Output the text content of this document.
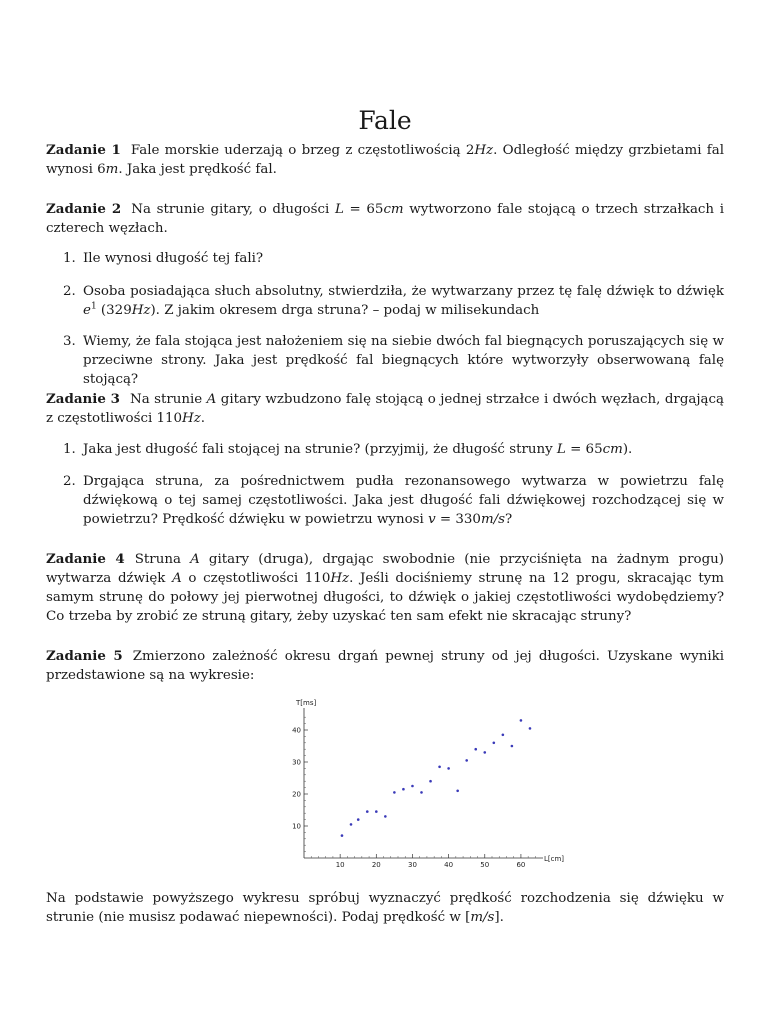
Fale
Zadanie 1 Fale morskie uderzają o brzeg z częstotliwością 2Hz. Odległość między grzbietami fal wynosi 6m. Jaka jest prędkość fal.
Zadanie 2 Na strunie gitary, o długości L = 65cm wytworzono fale stojącą o trzech strzałkach i czterech węzłach.
1. Ile wynosi długość tej fali?
2. Osoba posiadająca słuch absolutny, stwierdziła, że wytwarzany przez tę falę dźwięk to dźwięk $e^1$ (329Hz). Z jakim okresem drga struna? – podaj w milisekundach
3. Wiemy, że fala stojąca jest nałożeniem się na siebie dwóch fal biegnących poruszających się w przeciwne strony. Jaka jest prędkość fal biegnących które wytworzyły obserwowaną falę stojącą?
Zadanie 3 Na strunie A gitary wzbudzono falę stojącą o jednej strzałce i dwóch węzłach, drgającą z częstotliwości 110Hz.
1. Jaka jest długość fali stojącej na strunie? (przyjmij, że długość struny L = 65cm).
2. Drgająca struna, za pośrednictwem pudła rezonansowego wytwarza w powietrzu falę dźwiękową o tej samej częstotliwości. Jaka jest długość fali dźwiękowej rozchodzącej się w powietrzu? Prędkość dźwięku w powietrzu wynosi v = 330m/s?
Zadanie 4 Struna A gitary (druga), drgając swobodnie (nie przyciśnięta na żadnym progu) wytwarza dźwięk A o częstotliwości 110Hz. Jeśli dociśniemy strunę na 12 progu, skracając tym samym strunę do połowy jej pierwotnej długości, to dźwięk o jakiej częstotliwości wydobędziemy? Co trzeba by zrobić ze struną gitary, żeby uzyskać ten sam efekt nie skracając struny?
Zadanie 5 Zmierzono zależność okresu drgań pewnej struny od jej długości. Uzyskane wyniki przedstawione są na wykresie:
10	20	30	40	50	60
10
20
30
40
T[ms]
L[cm]
Na podstawie powyższego wykresu spróbuj wyznaczyć prędkość rozchodzenia się dźwięku w strunie (nie musisz podawać niepewności). Podaj prędkość w [m/s].
